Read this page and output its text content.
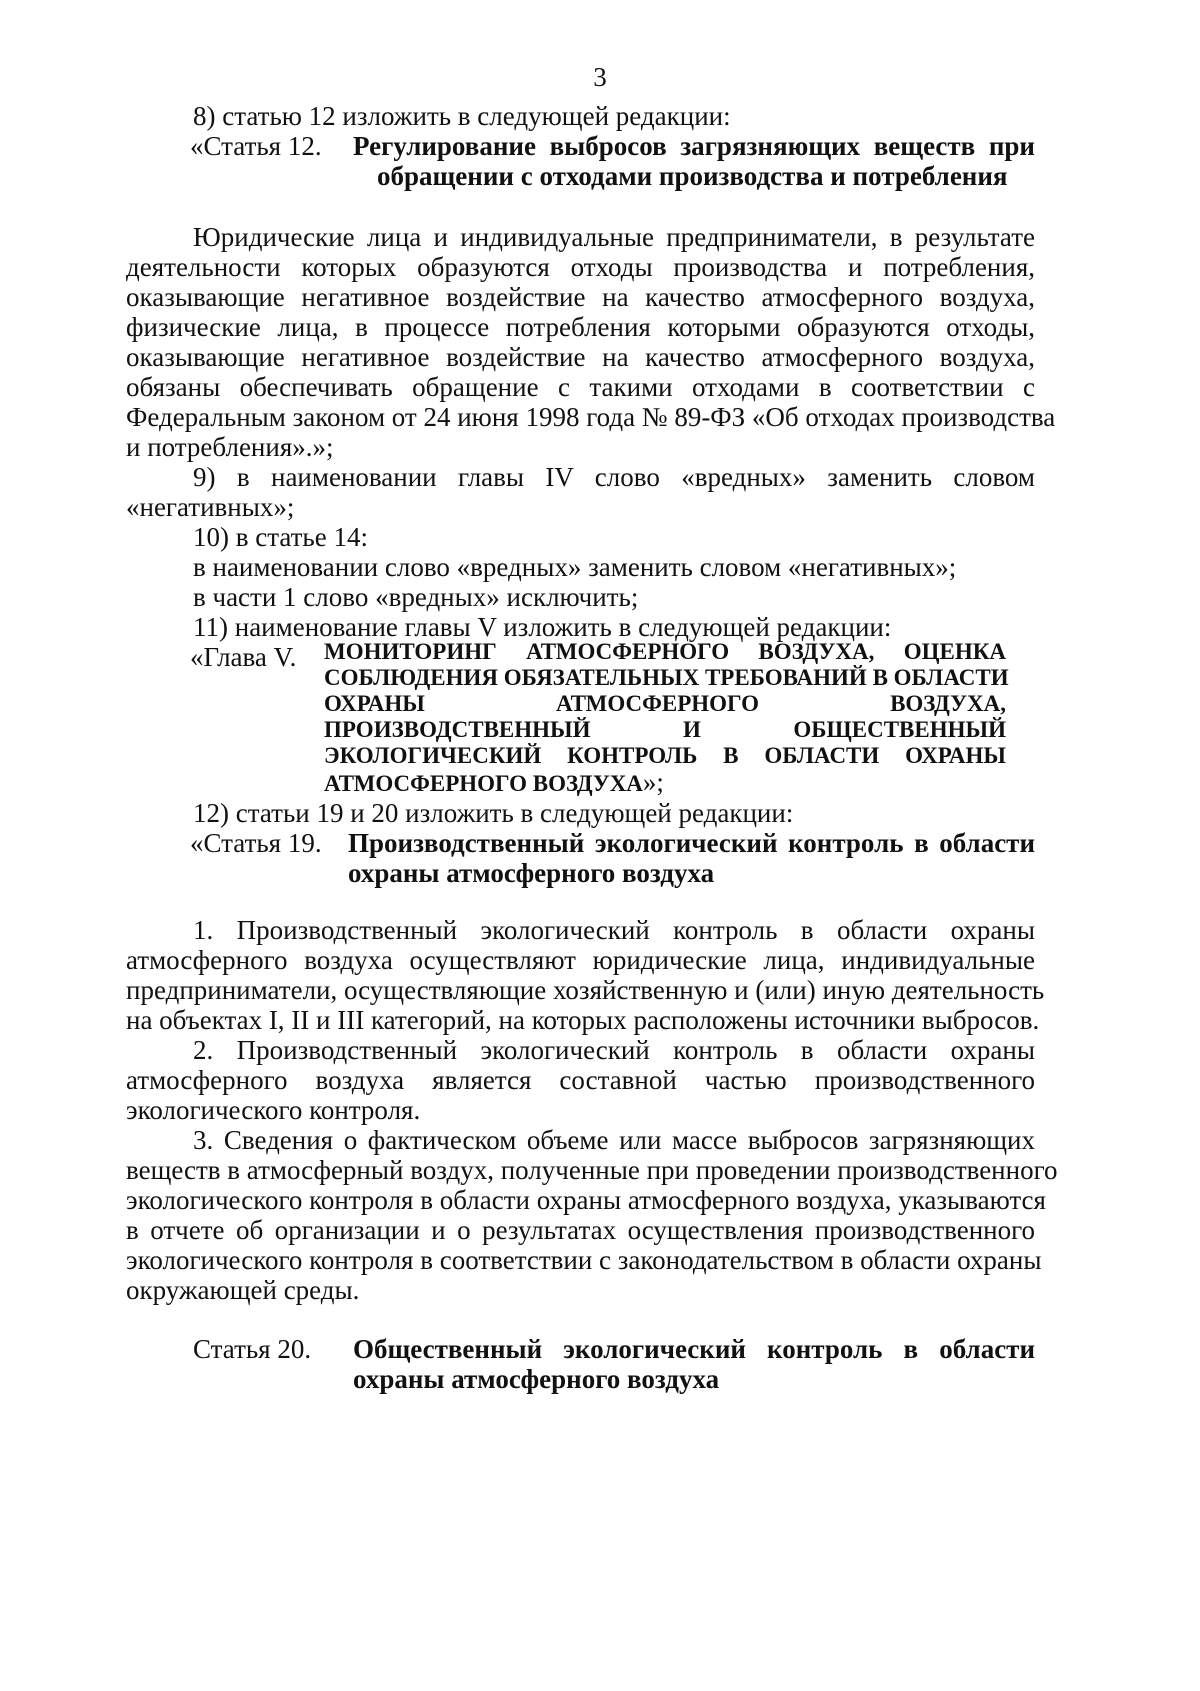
3
8) статью 12 изложить в следующей редакции:
«Статья 12. Регулирование выбросов загрязняющих веществ при
обращении с отходами производства и потребления
Юридические лица и индивидуальные предприниматели, в результате
деятельности которых образуются отходы производства и потребления,
оказывающие негативное воздействие на качество атмосферного воздуха,
физические лица, в процессе потребления которыми образуются отходы,
оказывающие негативное воздействие на качество атмосферного воздуха,
обязаны обеспечивать обращение с такими отходами в соответствии с
Федеральным законом от 24 июня 1998 года № 89-ФЗ «Об отходах производства
и потребления».»;
9) в наименовании главы IV слово «вредных» заменить словом
«негативных»;
10) в статье 14:
в наименовании слово «вредных» заменить словом «негативных»;
в части 1 слово «вредных» исключить;
11) наименование главы V изложить в следующей редакции:
«Глава V. МОНИТОРИНГ АТМОСФЕРНОГО ВОЗДУХА, ОЦЕНКА
СОБЛЮДЕНИЯ ОБЯЗАТЕЛЬНЫХ ТРЕБОВАНИЙ В ОБЛАСТИ
ОХРАНЫ АТМОСФЕРНОГО ВОЗДУХА,
ПРОИЗВОДСТВЕННЫЙ И ОБЩЕСТВЕННЫЙ
ЭКОЛОГИЧЕСКИЙ КОНТРОЛЬ В ОБЛАСТИ ОХРАНЫ
АТМОСФЕРНОГО ВОЗДУХА»;
12) статьи 19 и 20 изложить в следующей редакции:
«Статья 19. Производственный экологический контроль в области
охраны атмосферного воздуха
1. Производственный экологический контроль в области охраны
атмосферного воздуха осуществляют юридические лица, индивидуальные
предприниматели, осуществляющие хозяйственную и (или) иную деятельность
на объектах I, II и III категорий, на которых расположены источники выбросов.
2. Производственный экологический контроль в области охраны
атмосферного воздуха является составной частью производственного
экологического контроля.
3. Сведения о фактическом объеме или массе выбросов загрязняющих
веществ в атмосферный воздух, полученные при проведении производственного
экологического контроля в области охраны атмосферного воздуха, указываются
в отчете об организации и о результатах осуществления производственного
экологического контроля в соответствии с законодательством в области охраны
окружающей среды.
Статья 20. Общественный экологический контроль в области
охраны атмосферного воздуха
